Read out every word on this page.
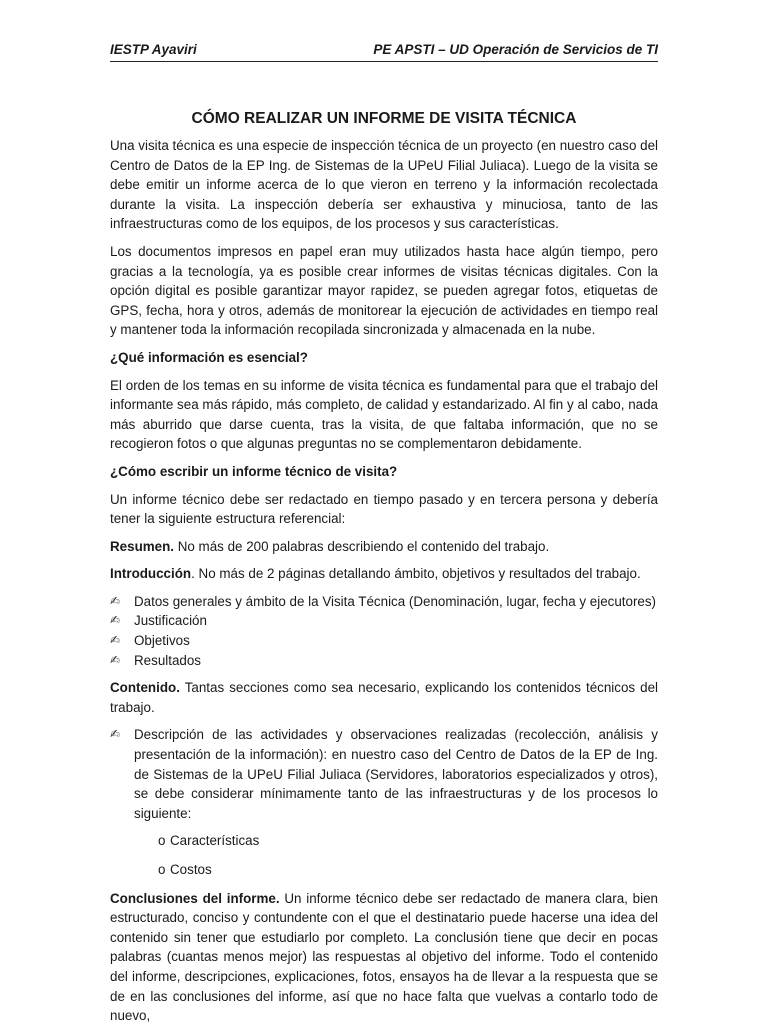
IESTP Ayaviri	PE APSTI – UD Operación de Servicios de TI
CÓMO REALIZAR UN INFORME DE VISITA TÉCNICA

Una visita técnica es una especie de inspección técnica de un proyecto (en nuestro caso del Centro de Datos de la EP Ing. de Sistemas de la UPeU Filial Juliaca). Luego de la visita se debe emitir un informe acerca de lo que vieron en terreno y la información recolectada durante la visita. La inspección debería ser exhaustiva y minuciosa, tanto de las infraestructuras como de los equipos, de los procesos y sus características.

Los documentos impresos en papel eran muy utilizados hasta hace algún tiempo, pero gracias a la tecnología, ya es posible crear informes de visitas técnicas digitales. Con la opción digital es posible garantizar mayor rapidez, se pueden agregar fotos, etiquetas de GPS, fecha, hora y otros, además de monitorear la ejecución de actividades en tiempo real y mantener toda la información recopilada sincronizada y almacenada en la nube.

¿Qué información es esencial?

El orden de los temas en su informe de visita técnica es fundamental para que el trabajo del informante sea más rápido, más completo, de calidad y estandarizado. Al fin y al cabo, nada más aburrido que darse cuenta, tras la visita, de que faltaba información, que no se recogieron fotos o que algunas preguntas no se complementaron debidamente.

¿Cómo escribir un informe técnico de visita?

Un informe técnico debe ser redactado en tiempo pasado y en tercera persona y debería tener la siguiente estructura referencial:

Resumen. No más de 200 palabras describiendo el contenido del trabajo.

Introducción. No más de 2 páginas detallando ámbito, objetivos y resultados del trabajo.

✍	Datos generales y ámbito de la Visita Técnica (Denominación, lugar, fecha y ejecutores)
✍	Justificación
✍	Objetivos
✍	Resultados

Contenido. Tantas secciones como sea necesario, explicando los contenidos técnicos del trabajo.

✍	Descripción de las actividades y observaciones realizadas (recolección, análisis y presentación de la información): en nuestro caso del Centro de Datos de la EP de Ing. de Sistemas de la UPeU Filial Juliaca (Servidores, laboratorios especializados y otros), se debe considerar mínimamente tanto de las infraestructuras y de los procesos lo siguiente:
o Características
o Costos

Conclusiones del informe. Un informe técnico debe ser redactado de manera clara, bien estructurado, conciso y contundente con el que el destinatario puede hacerse una idea del contenido sin tener que estudiarlo por completo. La conclusión tiene que decir en pocas palabras (cuantas menos mejor) las respuestas al objetivo del informe. Todo el contenido del informe, descripciones, explicaciones, fotos, ensayos ha de llevar a la respuesta que se de en las conclusiones del informe, así que no hace falta que vuelvas a contarlo todo de nuevo,
